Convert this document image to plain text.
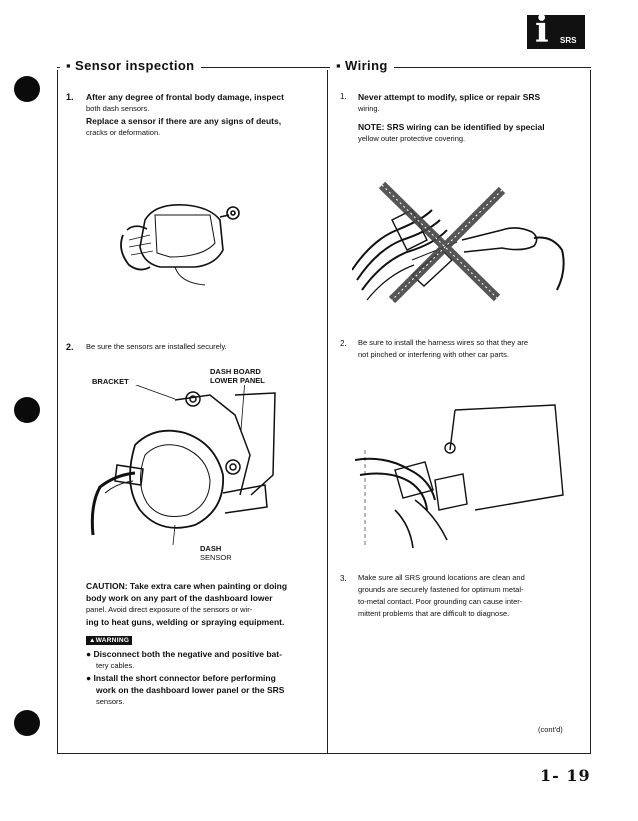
i SRS
▪ Sensor inspection
1. After any degree of frontal body damage, inspect
both dash sensors.
Replace a sensor if there are any signs of deuts,
cracks or deformation.
2. Be sure the sensors are installed securely.
BRACKET
DASH BOARD
LOWER PANEL
DASH
SENSOR
CAUTION: Take extra care when painting or doing
body work on any part of the dashboard lower
panel. Avoid direct exposure of the sensors or wir-
ing to heat guns, welding or spraying equipment.
▲WARNING
● Disconnect both the negative and positive bat-
tery cables.
● Install the short connector before performing
work on the dashboard lower panel or the SRS
sensors.
▪ Wiring
1. Never attempt to modify, splice or repair SRS
wiring.
NOTE: SRS wiring can be identified by special
yellow outer protective covering.
2. Be sure to install the harness wires so that they are
not pinched or interfering with other car parts.
3. Make sure all SRS ground locations are clean and
grounds are securely fastened for optimum metal-
to-metal contact. Poor grounding can cause inter-
mittent problems that are difficult to diagnose.
(cont'd)
1- 19
